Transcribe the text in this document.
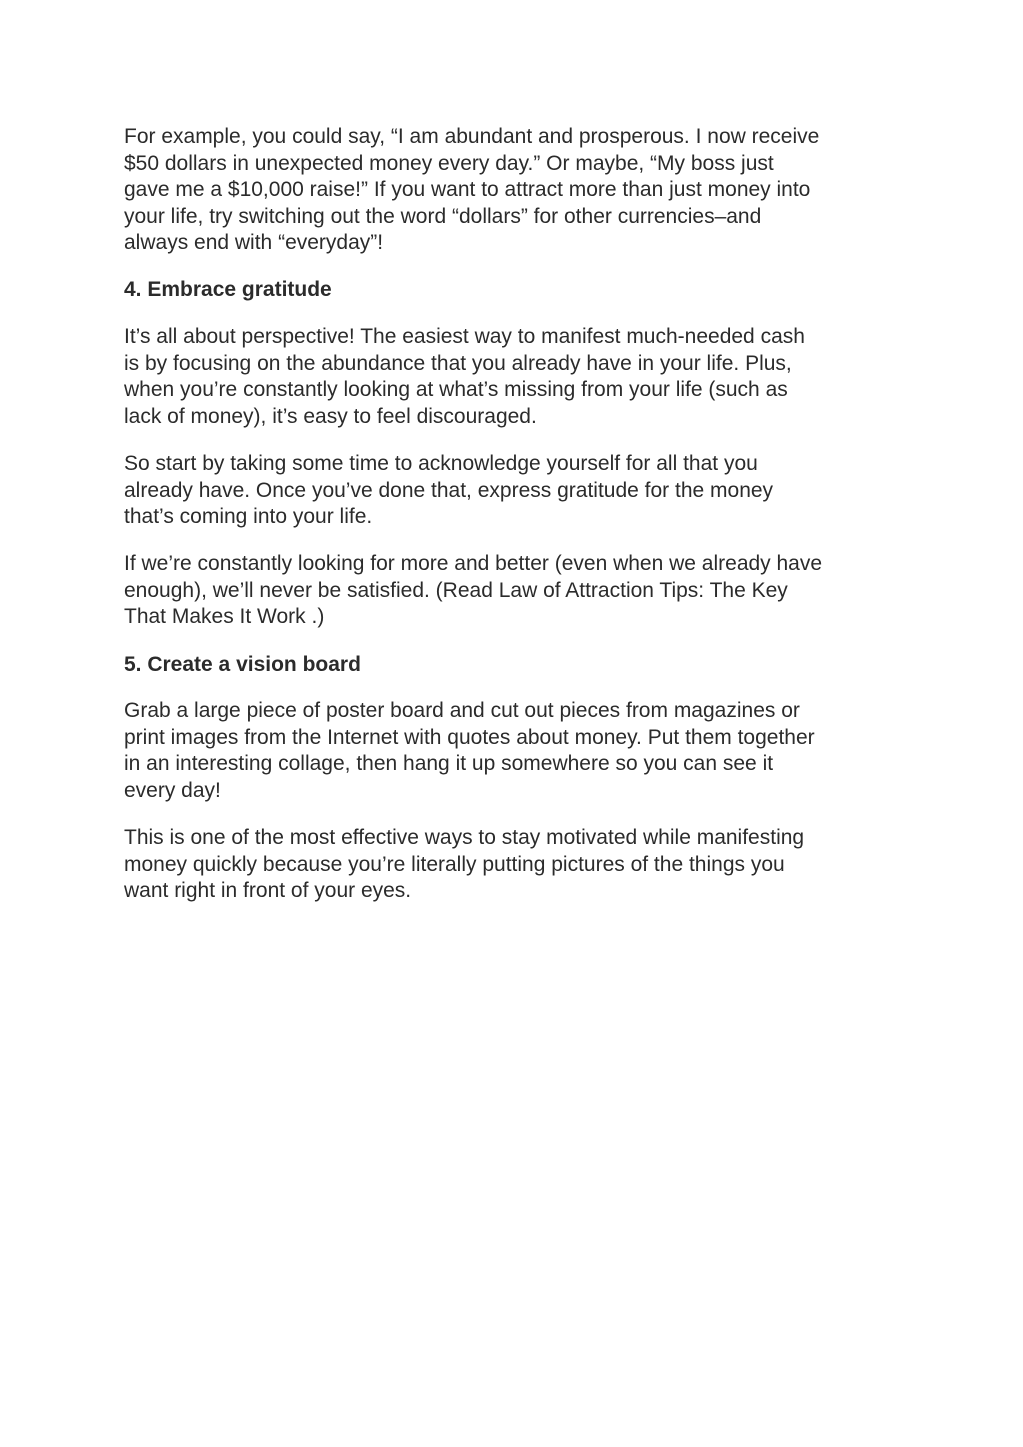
For example, you could say, “I am abundant and prosperous. I now receive
$50 dollars in unexpected money every day.” Or maybe, “My boss just
gave me a $10,000 raise!” If you want to attract more than just money into
your life, try switching out the word “dollars” for other currencies–and
always end with “everyday”!

4. Embrace gratitude

It’s all about perspective! The easiest way to manifest much-needed cash
is by focusing on the abundance that you already have in your life. Plus,
when you’re constantly looking at what’s missing from your life (such as
lack of money), it’s easy to feel discouraged.

So start by taking some time to acknowledge yourself for all that you
already have. Once you’ve done that, express gratitude for the money
that’s coming into your life.

If we’re constantly looking for more and better (even when we already have
enough), we’ll never be satisfied. (Read Law of Attraction Tips: The Key
That Makes It Work .)

5. Create a vision board

Grab a large piece of poster board and cut out pieces from magazines or
print images from the Internet with quotes about money. Put them together
in an interesting collage, then hang it up somewhere so you can see it
every day!

This is one of the most effective ways to stay motivated while manifesting
money quickly because you’re literally putting pictures of the things you
want right in front of your eyes.
